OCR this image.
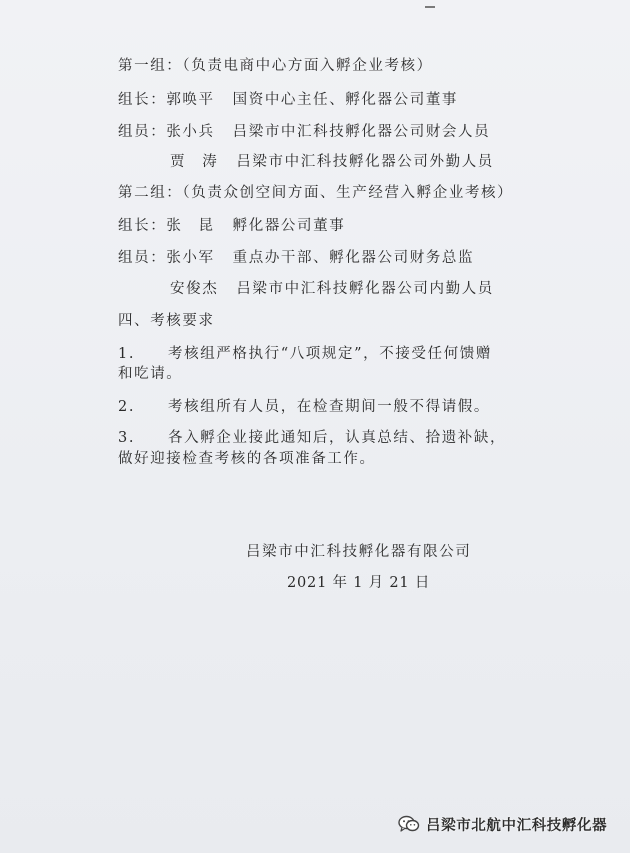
第一组：（负责电商中心方面入孵企业考核）
组长：郭唤平 国资中心主任、孵化器公司董事
组员：张小兵 吕梁市中汇科技孵化器公司财会人员
贾　涛 吕梁市中汇科技孵化器公司外勤人员
第二组：（负责众创空间方面、生产经营入孵企业考核）
组长：张　昆 孵化器公司董事
组员：张小军 重点办干部、孵化器公司财务总监
安俊杰 吕梁市中汇科技孵化器公司内勤人员
四、考核要求
1. 考核组严格执行“八项规定”，不接受任何馈赠
和吃请。
2. 考核组所有人员，在检查期间一般不得请假。
3. 各入孵企业接此通知后，认真总结、拾遗补缺，
做好迎接检查考核的各项准备工作。
吕梁市中汇科技孵化器有限公司
2021 年 1 月 21 日
吕梁市北航中汇科技孵化器
